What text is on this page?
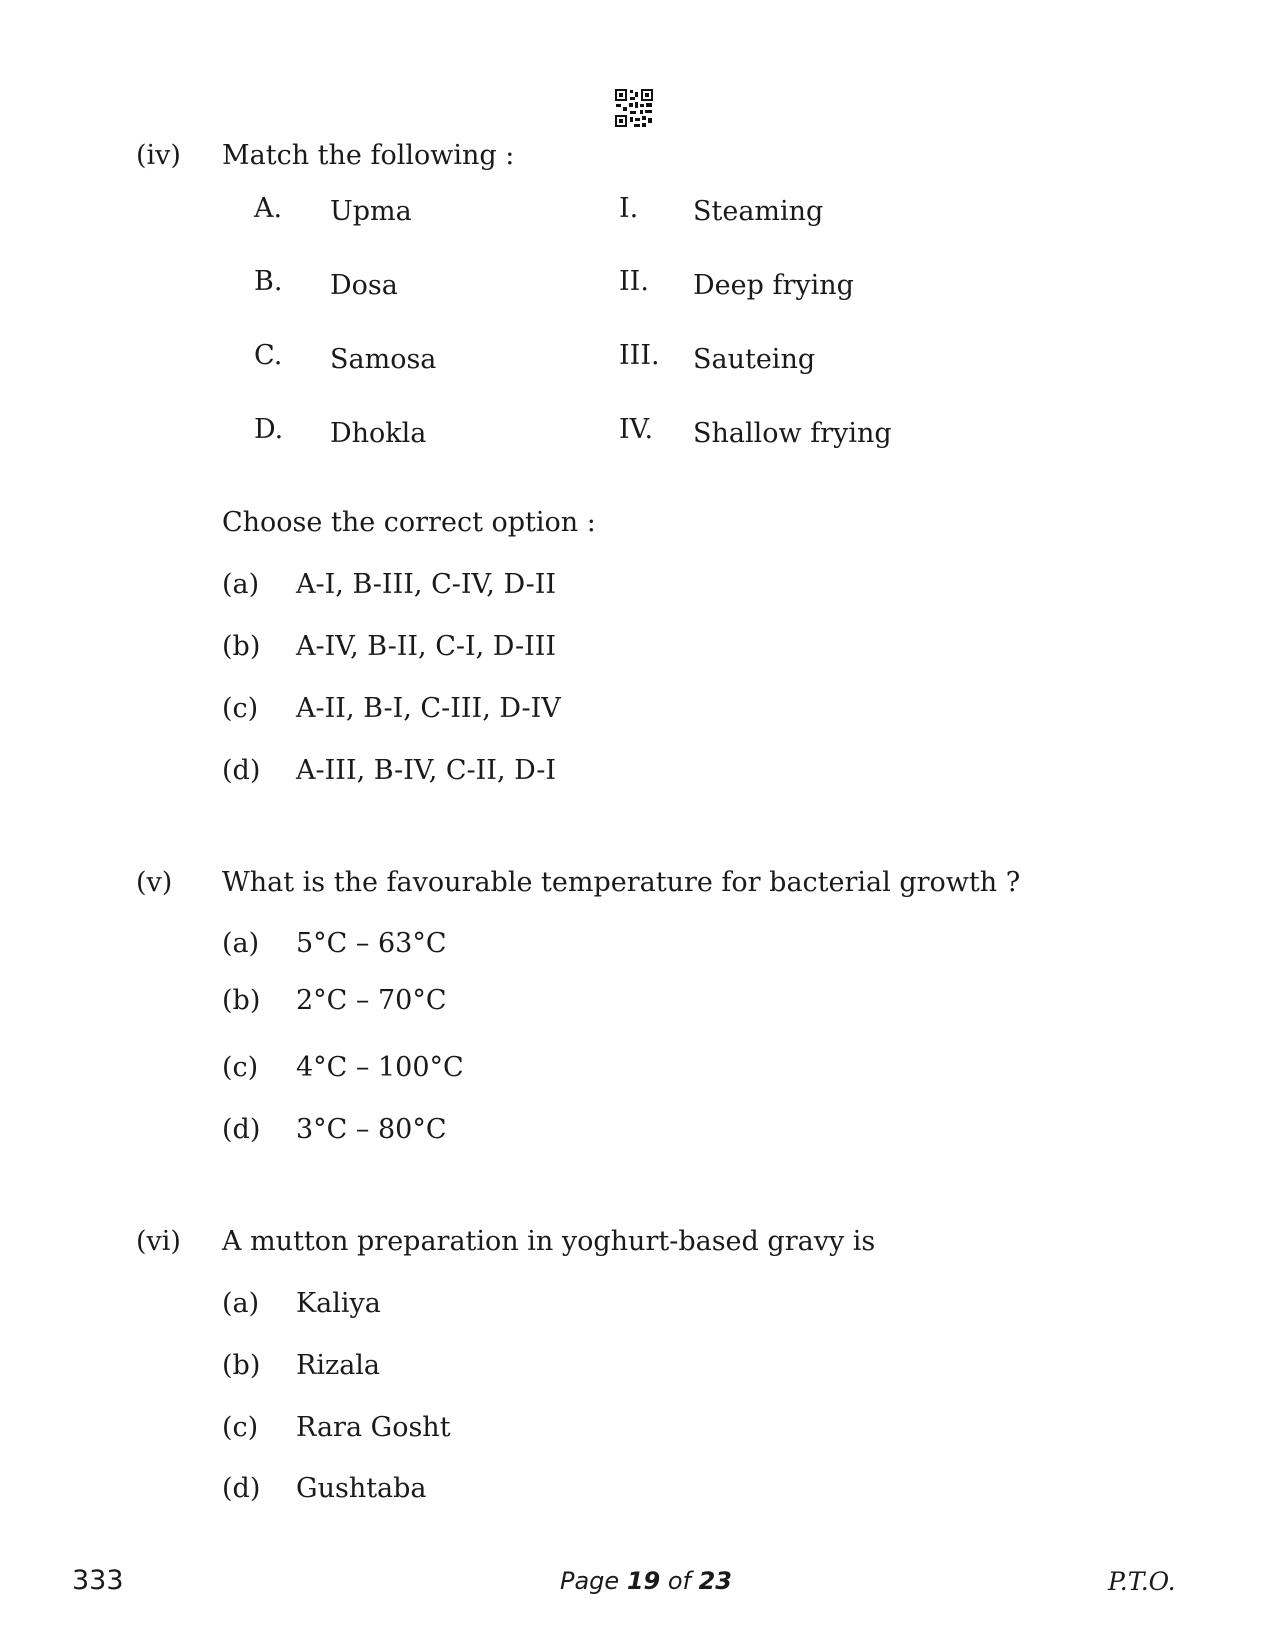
(iv) Match the following :
A. Upma	I. Steaming
B. Dosa	II. Deep frying
C. Samosa	III. Sauteing
D. Dhokla	IV. Shallow frying
Choose the correct option :
(a) A-I, B-III, C-IV, D-II
(b) A-IV, B-II, C-I, D-III
(c) A-II, B-I, C-III, D-IV
(d) A-III, B-IV, C-II, D-I
(v) What is the favourable temperature for bacterial growth ?
(a) 5°C – 63°C
(b) 2°C – 70°C
(c) 4°C – 100°C
(d) 3°C – 80°C
(vi) A mutton preparation in yoghurt-based gravy is
(a) Kaliya
(b) Rizala
(c) Rara Gosht
(d) Gushtaba
333	Page 19 of 23	P.T.O.
